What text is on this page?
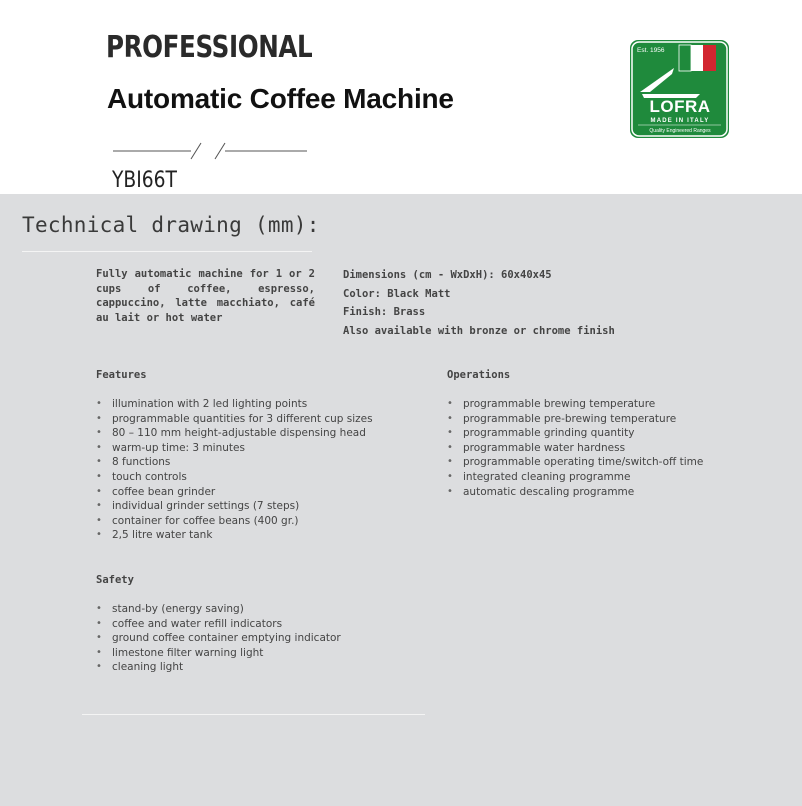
PROFESSIONAL
Automatic Coffee Machine
YBI66T
Est. 1956
LOFRA
MADE IN ITALY
Quality Engineered Ranges
Technical drawing (mm):
Fully automatic machine for 1 or 2 cups of coffee, espresso, cappuccino, latte macchiato, café au lait or hot water
Dimensions (cm - WxDxH): 60x40x45
Color: Black Matt
Finish: Brass
Also available with bronze or chrome finish
Features
• illumination with 2 led lighting points
• programmable quantities for 3 different cup sizes
• 80 – 110 mm height-adjustable dispensing head
• warm-up time: 3 minutes
• 8 functions
• touch controls
• coffee bean grinder
• individual grinder settings (7 steps)
• container for coffee beans (400 gr.)
• 2,5 litre water tank
Operations
• programmable brewing temperature
• programmable pre-brewing temperature
• programmable grinding quantity
• programmable water hardness
• programmable operating time/switch-off time
• integrated cleaning programme
• automatic descaling programme
Safety
• stand-by (energy saving)
• coffee and water refill indicators
• ground coffee container emptying indicator
• limestone filter warning light
• cleaning light
